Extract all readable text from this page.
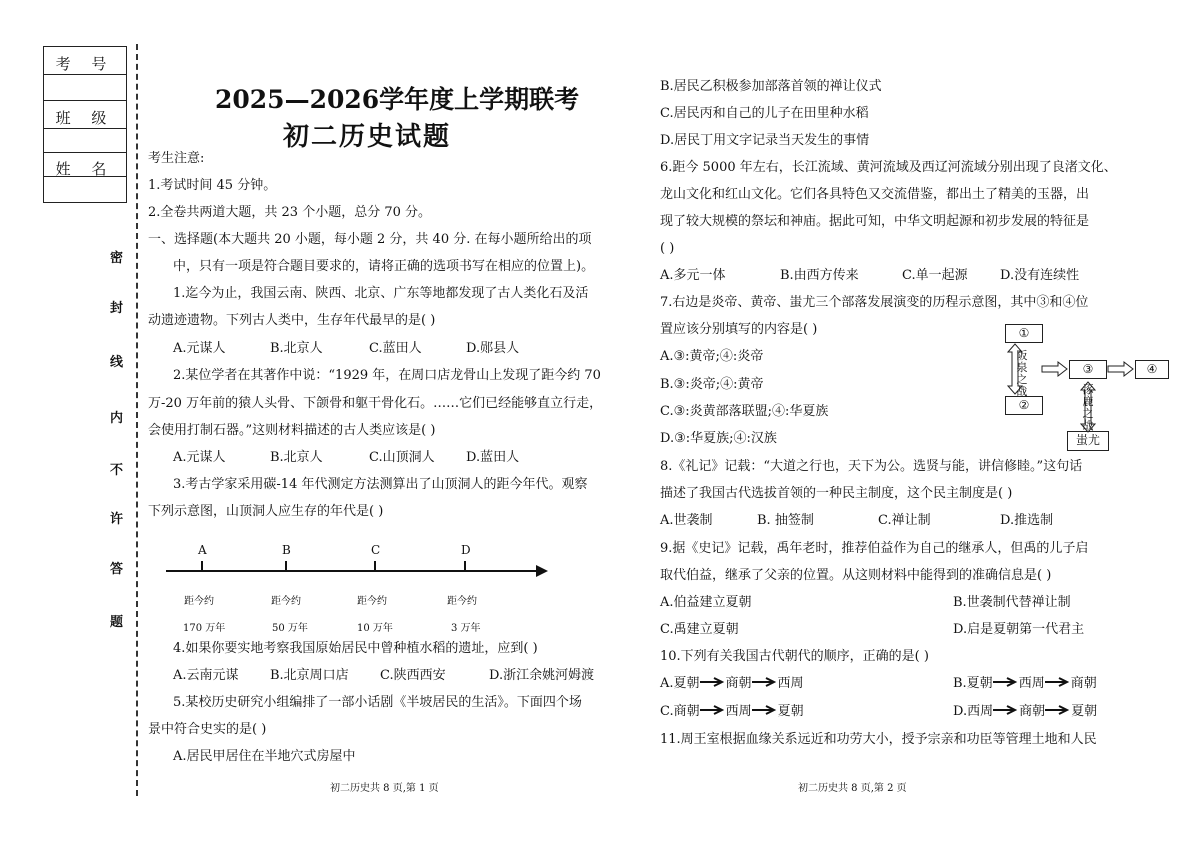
考 号
班 级
姓 名
密
封
线
内
不
许
答
题
2025—2026学年度上学期联考
初二历史试题
考生注意:
1.考试时间 45 分钟。
2.全卷共两道大题，共 23 个小题，总分 70 分。
一、选择题(本大题共 20 小题，每小题 2 分，共 40 分. 在每小题所给出的项
中，只有一项是符合题目要求的，请将正确的选项书写在相应的位置上)。
1.迄今为止，我国云南、陕西、北京、广东等地都发现了古人类化石及活
动遗迹遗物。下列古人类中，生存年代最早的是( )
A.元谋人	B.北京人	C.蓝田人	D.郧县人
2.某位学者在其著作中说：“1929 年，在周口店龙骨山上发现了距今约 70
万-20 万年前的猿人头骨、下颌骨和躯干骨化石。……它们已经能够直立行走，
会使用打制石器。”这则材料描述的古人类应该是( )
A.元谋人	B.北京人	C.山顶洞人 D.蓝田人
3.考古学家采用碳-14 年代测定方法测算出了山顶洞人的距今年代。观察
下列示意图，山顶洞人应生存的年代是( )
A	B	C	D
距今约	距今约	距今约	距今约
170 万年	50 万年	10 万年	3 万年
4.如果你要实地考察我国原始居民中曾种植水稻的遗址，应到( )
A.云南元谋 B.北京周口店 C.陕西西安	D.浙江余姚河姆渡
5.某校历史研究小组编排了一部小话剧《半坡居民的生活》。下面四个场
景中符合史实的是( )
A.居民甲居住在半地穴式房屋中
初二历史共 8 页,第 1 页
B.居民乙积极参加部落首领的禅让仪式
C.居民丙和自己的儿子在田里种水稻
D.居民丁用文字记录当天发生的事情
6.距今 5000 年左右，长江流域、黄河流域及西辽河流域分别出现了良渚文化、
龙山文化和红山文化。它们各具特色又交流借鉴，都出土了精美的玉器，出
现了较大规模的祭坛和神庙。据此可知，中华文明起源和初步发展的特征是
( )
A.多元一体	B.由西方传来	C.单一起源 D.没有连续性
7.右边是炎帝、黄帝、蚩尤三个部落发展演变的历程示意图，其中③和④位
置应该分别填写的内容是( )
A.③:黄帝;④:炎帝
B.③:炎帝;④:黄帝
C.③:炎黄部落联盟;④:华夏族
D.③:华夏族;④:汉族
①
②
③	④
蚩尤
阪泉之战	涿鹿之战
8.《礼记》记载：“大道之行也，天下为公。选贤与能，讲信修睦。”这句话
描述了我国古代选拔首领的一种民主制度，这个民主制度是( )
A.世袭制	B. 抽签制	C.禅让制	D.推选制
9.据《史记》记载，禹年老时，推荐伯益作为自己的继承人，但禹的儿子启
取代伯益，继承了父亲的位置。从这则材料中能得到的准确信息是( )
A.伯益建立夏朝	B.世袭制代替禅让制
C.禹建立夏朝	D.启是夏朝第一代君主
10.下列有关我国古代朝代的顺序，正确的是( )
A.夏朝 商朝 西周	B.夏朝 西周 商朝
C.商朝 西周 夏朝	D.西周 商朝 夏朝
11.周王室根据血缘关系远近和功劳大小，授予宗亲和功臣等管理土地和人民
初二历史共 8 页,第 2 页
